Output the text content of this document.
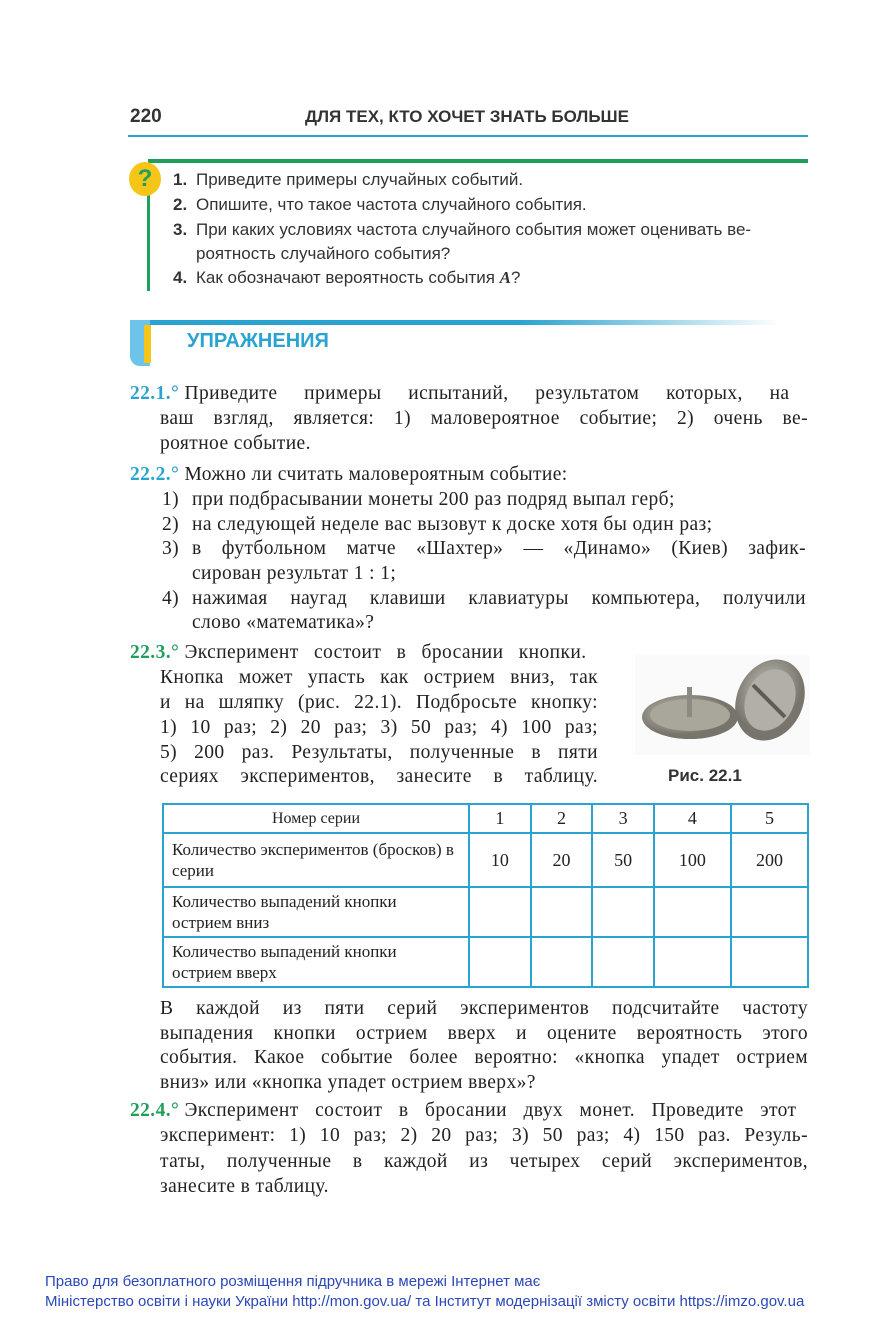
220	ДЛЯ ТЕХ, КТО ХОЧЕТ ЗНАТЬ БОЛЬШЕ
?	1. Приведите примеры случайных событий.
2. Опишите, что такое частота случайного события.
3. При каких условиях частота случайного события может оценивать ве-
роятность случайного события?
4. Как обозначают вероятность события A?
УПРАЖНЕНИЯ
22.1.° Приведите примеры испытаний, результатом которых, на
ваш взгляд, является: 1) маловероятное событие; 2) очень ве-
роятное событие.
22.2.° Можно ли считать маловероятным событие:
1) при подбрасывании монеты 200 раз подряд выпал герб;
2) на следующей неделе вас вызовут к доске хотя бы один раз;
3) в футбольном матче «Шахтер» — «Динамо» (Киев) зафик-
сирован результат 1 : 1;
4) нажимая наугад клавиши клавиатуры компьютера, получили
слово «математика»?
22.3.° Эксперимент состоит в бросании кнопки.
Кнопка может упасть как острием вниз, так
и на шляпку (рис. 22.1). Подбросьте кнопку:
1) 10 раз; 2) 20 раз; 3) 50 раз; 4) 100 раз;
5) 200 раз. Результаты, полученные в пяти
сериях экспериментов, занесите в таблицу.	Рис. 22.1
Номер серии	1	2	3	4	5
Количество экспериментов (бросков) в серии	10	20	50	100	200
Количество выпадений кнопки острием вниз					
Количество выпадений кнопки острием вверх					
В каждой из пяти серий экспериментов подсчитайте частоту
выпадения кнопки острием вверх и оцените вероятность этого
события. Какое событие более вероятно: «кнопка упадет острием
вниз» или «кнопка упадет острием вверх»?
22.4.° Эксперимент состоит в бросании двух монет. Проведите этот
эксперимент: 1) 10 раз; 2) 20 раз; 3) 50 раз; 4) 150 раз. Резуль-
таты, полученные в каждой из четырех серий экспериментов,
занесите в таблицу.
Право для безоплатного розміщення підручника в мережі Інтернет має
Міністерство освіти і науки України http://mon.gov.ua/ та Інститут модернізації змісту освіти https://imzo.gov.ua
